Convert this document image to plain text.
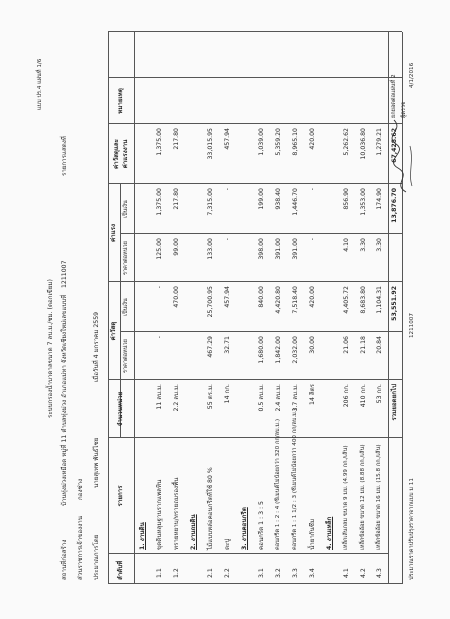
แบบ ปร.4 แผ่นที่ 1/6
ระบบกรองน้ำบาดาลขนาด 7 ลบ.ม./ชม. (ดอกเขียม)
สถานที่ก่อสร้าง
บ้านทุ่งม่วงเหมือด หมู่ที่ 11 ตำบลทุ่งม่วง อำเภอแม่ทา จังหวัดเชียงใหม่เลขแบบที่
1211007
รายการแสดงที่
ส่วนราชการเจ้าของงาน
กองช่าง
ประมาณการโดย
นายสุเทพ พันธ์ไชย
เมื่อวันที่ 4 มกราคม 2559
ลำดับที่
รายการ
จำนวนหน่วย
ค่าวัสดุ
ราคาต่อหน่วย
เป็นเงิน
ค่าแรง
ราคาต่อหน่วย
เป็นเงิน
ค่าวัสดุและ ค่าแรงงาน
หมายเหตุ
1. งานดิน
1.1
ขุดดินหลุมฐานรากแพลทิน
11 ลบ.ม.
-
-
125.00
1,375.00
1,375.00
1.2
ทรายหยาบ/ทรายถมรองพื้น
2.2 ลบ.ม.
470.00
99.00
217.80
217.80
2. งานถมดิน
2.1
ไม้แบบหล่อคอนกรีตที่ใช้ 80 %
55 ตร.ม.
467.29
25,700.95
133.00
7,315.00
33,015.95
2.2
ตะปู
14 กก.
32.71
457.94
-
-
457.94
3. งานคอนกรีต
3.1
คอนกรีต 1 : 3 : 5
0.5 ลบ.ม.
1,680.00
840.00
398.00
199.00
1,039.00
3.2
คอนกรีต 1 : 2 : 4 (ซีเมนต์ไม่น้อยกว่า 320 กก/ลบ.ม.)
2.4 ลบ.ม.
1,842.00
4,420.80
391.00
938.40
5,359.20
3.3
คอนกรีต 1 : 1 1/2 : 3 (ซีเมนต์ไม่น้อยกว่า 400 กก/ลบ.ม.)
3.7 ลบ.ม.
2,032.00
7,518.40
391.00
1,446.70
8,965.10
3.4
น้ำยากันซึม
14 ลิตร
30.00
420.00
-
-
420.00
4. งานเหล็ก
4.1
เหล็กเส้นกลม ขนาด 9 มม. (4.99 กก./เส้น)
206 กก.
21.06
4,405.72
4.10
856.90
5,262.62
4.2
เหล็กข้ออ้อย ขนาด 12 มม. (8.88 กก./เส้น)
410 กก.
21.18
8,683.80
3.30
1,353.00
10,036.80
4.3
เหล็กข้ออ้อย ขนาด 16 มม. (15.8 กก./เส้น)
53 กก.
20.84
1,104.31
3.30
174.90
1,279.21
รวมยอดยกไป
53,551.92
13,876.70
67,428.62
ยกยอดต่อแผ่นที่ 2
ประมาณราคาปรับปรุงราคาจากแบบ ม 11
1211007
ผู้ตรวจ
4/1/2016
